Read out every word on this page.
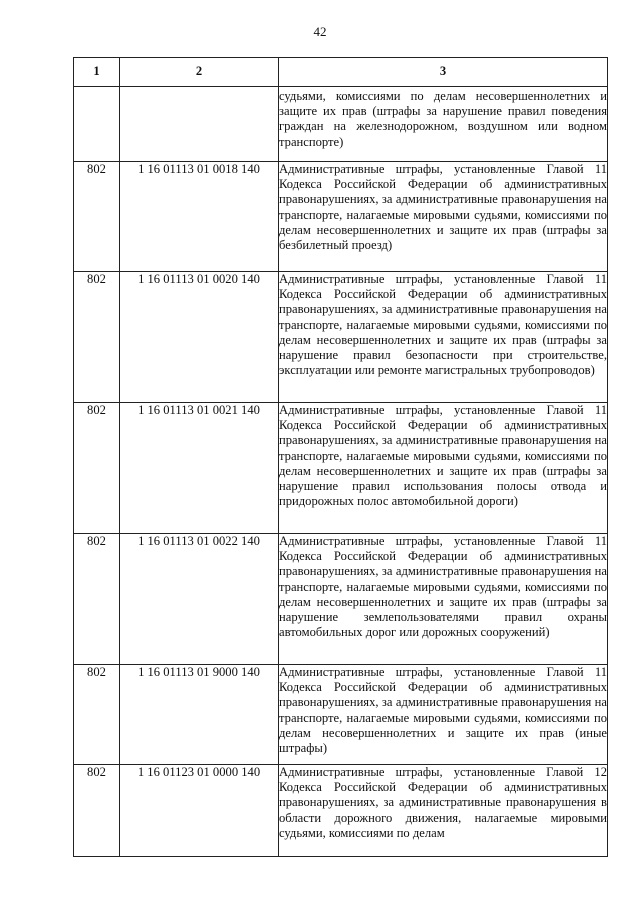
42
1	2	3

		судьями, комиссиями по делам несовершеннолетних и защите их прав (штрафы за нарушение правил поведения граждан на железнодорожном, воздушном или водном транспорте)

802	1 16 01113 01 0018 140	Административные штрафы, установленные Главой 11 Кодекса Российской Федерации об административных правонарушениях, за административные правонарушения на транспорте, налагаемые мировыми судьями, комиссиями по делам несовершеннолетних и защите их прав (штрафы за безбилетный проезд)

802	1 16 01113 01 0020 140	Административные штрафы, установленные Главой 11 Кодекса Российской Федерации об административных правонарушениях, за административные правонарушения на транспорте, налагаемые мировыми судьями, комиссиями по делам несовершеннолетних и защите их прав (штрафы за нарушение правил безопасности при строительстве, эксплуатации или ремонте магистральных трубопроводов)

802	1 16 01113 01 0021 140	Административные штрафы, установленные Главой 11 Кодекса Российской Федерации об административных правонарушениях, за административные правонарушения на транспорте, налагаемые мировыми судьями, комиссиями по делам несовершеннолетних и защите их прав (штрафы за нарушение правил использования полосы отвода и придорожных полос автомобильной дороги)

802	1 16 01113 01 0022 140	Административные штрафы, установленные Главой 11 Кодекса Российской Федерации об административных правонарушениях, за административные правонарушения на транспорте, налагаемые мировыми судьями, комиссиями по делам несовершеннолетних и защите их прав (штрафы за нарушение землепользователями правил охраны автомобильных дорог или дорожных сооружений)

802	1 16 01113 01 9000 140	Административные штрафы, установленные Главой 11 Кодекса Российской Федерации об административных правонарушениях, за административные правонарушения на транспорте, налагаемые мировыми судьями, комиссиями по делам несовершеннолетних и защите их прав (иные штрафы)

802	1 16 01123 01 0000 140	Административные штрафы, установленные Главой 12 Кодекса Российской Федерации об административных правонарушениях, за административные правонарушения в области дорожного движения, налагаемые мировыми судьями, комиссиями по делам
